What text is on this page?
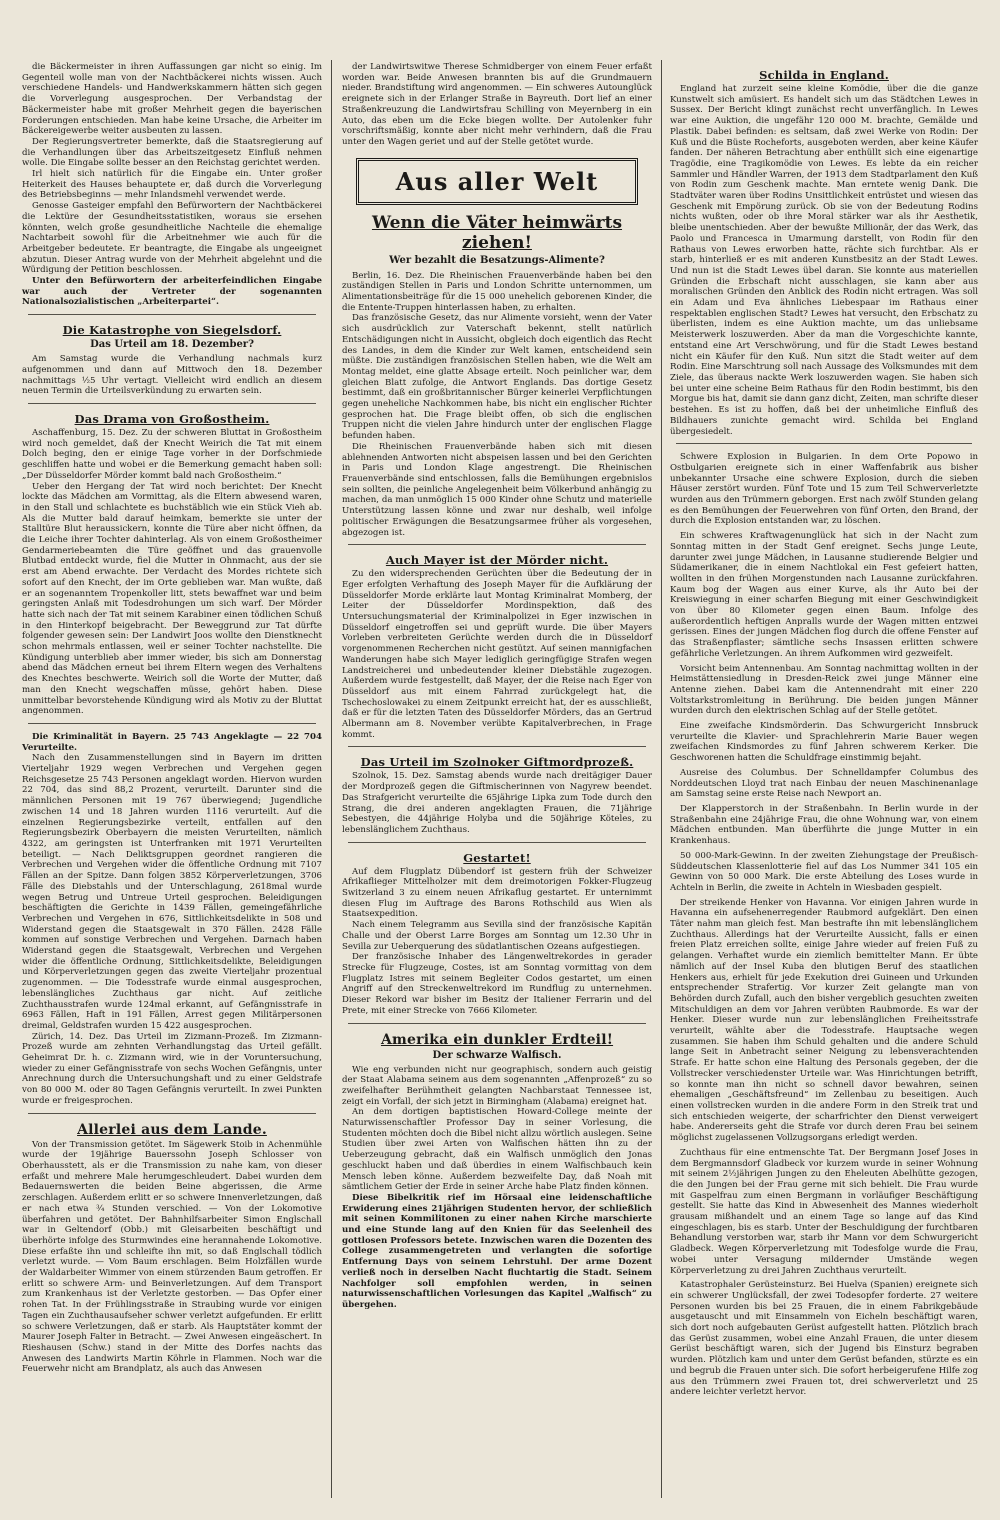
die Bäckermeister in ihren Auffassungen gar nicht so einig. Im Gegenteil wolle man von der Nachtbäckerei nichts wissen. Auch verschiedene Handels- und Handwerkskammern hätten sich gegen die Vorverlegung ausgesprochen. Der Verbandstag der Bäckermeister habe mit großer Mehrheit gegen die bayerischen Forderungen entschieden. Man habe keine Ursache, die Arbeiter im Bäckereigewerbe weiter ausbeuten zu lassen.

Der Regierungsvertreter bemerkte, daß die Staatsregierung auf die Verhandlungen über das Arbeitszeitgesetz Einfluß nehmen wolle. Die Eingabe sollte besser an den Reichstag gerichtet werden.

Irl hielt sich natürlich für die Eingabe ein. Unter großer Heiterkeit des Hauses behauptete er, daß durch die Vorverlegung des Betriebsbeginns — mehr Inlandsmehl verwendet werde.

Genosse Gasteiger empfahl den Befürwortern der Nachtbäckerei die Lektüre der Gesundheitsstatistiken, woraus sie ersehen könnten, welch große gesundheitliche Nachteile die ehemalige Nachtarbeit sowohl für die Arbeitnehmer wie auch für die Arbeitgeber bedeutete. Er beantragte, die Eingabe als ungeeignet abzutun. Dieser Antrag wurde von der Mehrheit abgelehnt und die Würdigung der Petition beschlossen.

Unter den Befürwortern der arbeiterfeindlichen Eingabe war auch der Vertreter der sogenannten Nationalsozialistischen „Arbeiterpartei“.

Die Katastrophe von Siegelsdorf.
Das Urteil am 18. Dezember?

Am Samstag wurde die Verhandlung nachmals kurz aufgenommen und dann auf Mittwoch den 18. Dezember nachmittags ½5 Uhr vertagt. Vielleicht wird endlich an diesem neuen Termin die Urteilsverkündung zu erwarten sein.

Das Drama von Großostheim.

Aschaffenburg, 15. Dez. Zu der schweren Bluttat in Großostheim wird noch gemeldet, daß der Knecht Weirich die Tat mit einem Dolch beging, den er einige Tage vorher in der Dorfschmiede geschliffen hatte und wobei er die Bemerkung gemacht haben soll: „Der Düsseldorfer Mörder kommt bald nach Großostheim.“

Ueber den Hergang der Tat wird noch berichtet: Der Knecht lockte das Mädchen am Vormittag, als die Eltern abwesend waren, in den Stall und schlachtete es buchstäblich wie ein Stück Vieh ab. Als die Mutter bald darauf heimkam, bemerkte sie unter der Stalltüre Blut heraussickern, konnte die Türe aber nicht öffnen, da die Leiche ihrer Tochter dahinterlag. Als von einem Großostheimer Gendarmeriebeamten die Türe geöffnet und das grauenvolle Blutbad entdeckt wurde, fiel die Mutter in Ohnmacht, aus der sie erst am Abend erwachte. Der Verdacht des Mordes richtete sich sofort auf den Knecht, der im Orte geblieben war. Man wußte, daß er an sogenanntem Tropenkoller litt, stets bewaffnet war und beim geringsten Anlaß mit Todesdrohungen um sich warf. Der Mörder hatte sich nach der Tat mit seinem Karabiner einen tödlichen Schuß in den Hinterkopf beigebracht. Der Beweggrund zur Tat dürfte folgender gewesen sein: Der Landwirt Joos wollte den Dienstknecht schon mehrmals entlassen, weil er seiner Tochter nachstellte. Die Kündigung unterblieb aber immer wieder, bis sich am Donnerstag abend das Mädchen erneut bei ihrem Eltern wegen des Verhaltens des Knechtes beschwerte. Weirich soll die Worte der Mutter, daß man den Knecht wegschaffen müsse, gehört haben. Diese unmittelbar bevorstehende Kündigung wird als Motiv zu der Bluttat angenommen.

Die Kriminalität in Bayern. 25 743 Angeklagte — 22 704 Verurteilte.

Nach den Zusammenstellungen sind in Bayern im dritten Vierteljahr 1929 wegen Verbrechen und Vergehen gegen Reichsgesetze 25 743 Personen angeklagt worden. Hiervon wurden 22 704, das sind 88,2 Prozent, verurteilt. Darunter sind die männlichen Personen mit 19 767 überwiegend; Jugendliche zwischen 14 und 18 Jahren wurden 1116 verurteilt. Auf die einzelnen Regierungsbezirke verteilt, entfallen auf den Regierungsbezirk Oberbayern die meisten Verurteilten, nämlich 4322, am geringsten ist Unterfranken mit 1971 Verurteilten beteiligt. — Nach Deliktsgruppen geordnet rangieren die Verbrechen und Vergehen wider die öffentliche Ordnung mit 7107 Fällen an der Spitze. Dann folgen 3852 Körperverletzungen, 3706 Fälle des Diebstahls und der Unterschlagung, 2618mal wurde wegen Betrug und Untreue Urteil gesprochen. Beleidigungen beschäftigten die Gerichte in 1439 Fällen, gemeingefährliche Verbrechen und Vergehen in 676, Sittlichkeitsdelikte in 508 und Widerstand gegen die Staatsgewalt in 370 Fällen. 2428 Fälle kommen auf sonstige Verbrechen und Vergehen. Darnach haben Widerstand gegen die Staatsgewalt, Verbrechen und Vergehen wider die öffentliche Ordnung, Sittlichkeitsdelikte, Beleidigungen und Körperverletzungen gegen das zweite Vierteljahr prozentual zugenommen. — Die Todesstrafe wurde einmal ausgesprochen, lebenslängliches Zuchthaus gar nicht. Auf zeitliche Zuchthausstrafen wurde 124mal erkannt, auf Gefängnisstrafe in 6963 Fällen, Haft in 191 Fällen, Arrest gegen Militärpersonen dreimal, Geldstrafen wurden 15 422 ausgesprochen.

Zürich, 14. Dez. Das Urteil im Zizmann-Prozeß. Im Zizmann-Prozeß wurde am zehnten Verhandlungstag das Urteil gefällt. Geheimrat Dr. h. c. Zizmann wird, wie in der Voruntersuchung, wieder zu einer Gefängnisstrafe von sechs Wochen Gefängnis, unter Anrechnung durch die Untersuchungshaft und zu einer Geldstrafe von 80 000 M. oder 80 Tagen Gefängnis verurteilt. In zwei Punkten wurde er freigesprochen.

Allerlei aus dem Lande.

Von der Transmission getötet. Im Sägewerk Stoib in Achenmühle wurde der 19jährige Bauerssohn Joseph Schlosser von Oberhausstett, als er die Transmission zu nahe kam, von dieser erfaßt und mehrere Male herumgeschleudert. Dabei wurden dem Bedauernswerten die beiden Beine abgerissen, die Arme zerschlagen. Außerdem erlitt er so schwere Innenverletzungen, daß er nach etwa ¾ Stunden verschied. — Von der Lokomotive überfahren und getötet. Der Bahnhilfsarbeiter Simon Englschall war in Geltendorf (Obb.) mit Gleisarbeiten beschäftigt und überhörte infolge des Sturmwindes eine herannahende Lokomotive. Diese erfaßte ihn und schleifte ihn mit, so daß Englschall tödlich verletzt wurde. — Vom Baum erschlagen. Beim Holzfällen wurde der Waldarbeiter Wimmer von einem stürzenden Baum getroffen. Er erlitt so schwere Arm- und Beinverletzungen. Auf dem Transport zum Krankenhaus ist der Verletzte gestorben. — Das Opfer einer rohen Tat. In der Frühlingsstraße in Straubing wurde vor einigen Tagen ein Zuchthausaufseher schwer verletzt aufgefunden. Er erlitt so schwere Verletzungen, daß er starb. Als Hauptstäter kommt der Maurer Joseph Falter in Betracht. — Zwei Anwesen eingeäschert. In Rieshausen (Schw.) stand in der Mitte des Dorfes nachts das Anwesen des Landwirts Martin Köhrle in Flammen. Noch war die Feuerwehr nicht am Brandplatz, als auch das Anwesen

der Landwirtswitwe Therese Schmidberger von einem Feuer erfaßt worden war. Beide Anwesen brannten bis auf die Grundmauern nieder. Brandstiftung wird angenommen. — Ein schweres Autounglück ereignete sich in der Erlanger Straße in Bayreuth. Dort lief an einer Straßenkreuzung die Landwirtsfrau Schilling von Meyernberg in ein Auto, das eben um die Ecke biegen wollte. Der Autolenker fuhr vorschriftsmäßig, konnte aber nicht mehr verhindern, daß die Frau unter den Wagen geriet und auf der Stelle getötet wurde.

Aus aller Welt
Wenn die Väter heimwärts ziehen!
Wer bezahlt die Besatzungs-Alimente?

Berlin, 16. Dez. Die Rheinischen Frauenverbände haben bei den zuständigen Stellen in Paris und London Schritte unternommen, um Alimentationsbeiträge für die 15 000 unehelich geborenen Kinder, die die Entente-Truppen hinterlassen haben, zu erhalten.

Das französische Gesetz, das nur Alimente vorsieht, wenn der Vater sich ausdrücklich zur Vaterschaft bekennt, stellt natürlich Entschädigungen nicht in Aussicht, obgleich doch eigentlich das Recht des Landes, in dem die Kinder zur Welt kamen, entscheidend sein müßte. Die zuständigen französischen Stellen haben, wie die Welt am Montag meldet, eine glatte Absage erteilt. Noch peinlicher war, dem gleichen Blatt zufolge, die Antwort Englands. Das dortige Gesetz bestimmt, daß ein großbritannischer Bürger keinerlei Verpflichtungen gegen uneheliche Nachkommen habe, bis nicht ein englischer Richter gesprochen hat. Die Frage bleibt offen, ob sich die englischen Truppen nicht die vielen Jahre hindurch unter der englischen Flagge befunden haben.

Die Rheinischen Frauenverbände haben sich mit diesen ablehnenden Antworten nicht abspeisen lassen und bei den Gerichten in Paris und London Klage angestrengt. Die Rheinischen Frauenverbände sind entschlossen, falls die Bemühungen ergebnislos sein sollten, die peinliche Angelegenheit beim Völkerbund anhängig zu machen, da man unmöglich 15 000 Kinder ohne Schutz und materielle Unterstützung lassen könne und zwar nur deshalb, weil infolge politischer Erwägungen die Besatzungsarmee früher als vorgesehen, abgezogen ist.

Auch Mayer ist der Mörder nicht.

Zu den widersprechenden Gerüchten über die Bedeutung der in Eger erfolgten Verhaftung des Joseph Mayer für die Aufklärung der Düsseldorfer Morde erklärte laut Montag Kriminalrat Momberg, der Leiter der Düsseldorfer Mordinspektion, daß des Untersuchungsmaterial der Kriminalpolizei in Eger inzwischen in Düsseldorf eingetroffen sei und geprüft wurde. Die über Mayers Vorleben verbreiteten Gerüchte werden durch die in Düsseldorf vorgenommenen Recherchen nicht gestützt. Auf seinen mannigfachen Wanderungen habe sich Mayer lediglich geringfügige Strafen wegen Landstreicherei und unbedeutender kleiner Diebstähle zugezogen. Außerdem wurde festgestellt, daß Mayer, der die Reise nach Eger von Düsseldorf aus mit einem Fahrrad zurückgelegt hat, die Tschechoslowakei zu einem Zeitpunkt erreicht hat, der es ausschließt, daß er für die letzten Taten des Düsseldorfer Mörders, das an Gertrud Albermann am 8. November verübte Kapitalverbrechen, in Frage kommt.

Das Urteil im Szolnoker Giftmordprozeß.

Szolnok, 15. Dez. Samstag abends wurde nach dreitägiger Dauer der Mordprozeß gegen die Giftmischerinnen von Nagyrew beendet. Das Strafgericht verurteilte die 65jährige Lipka zum Tode durch den Strang, die drei anderen angeklagten Frauen, die 71jährige Sebestyen, die 44jährige Holyba und die 50jährige Köteles, zu lebenslänglichem Zuchthaus.

Gestartet!

Auf dem Flugplatz Dübendorf ist gestern früh der Schweizer Afrikaflieger Mittelholzer mit dem dreimotorigen Fokker-Flugzeug Switzerland 3 zu einem neuen Afrikaflug gestartet. Er unternimmt diesen Flug im Auftrage des Barons Rothschild aus Wien als Staatsexpedition.

Nach einem Telegramm aus Sevilla sind der französische Kapitän Challe und der Oberst Larre Borges am Sonntag um 12.30 Uhr in Sevilla zur Ueberquerung des südatlantischen Ozeans aufgestiegen.

Der französische Inhaber des Längenweltrekordes in gerader Strecke für Flugzeuge, Costes, ist am Sonntag vormittag von dem Flugplatz Istres mit seinem Begleiter Codos gestartet, um einen Angriff auf den Streckenweltrekord im Rundflug zu unternehmen. Dieser Rekord war bisher im Besitz der Italiener Ferrarin und del Prete, mit einer Strecke von 7666 Kilometer.

Amerika ein dunkler Erdteil!
Der schwarze Walfisch.

Wie eng verbunden nicht nur geographisch, sondern auch geistig der Staat Alabama seinem aus dem sogenannten „Affenprozeß“ zu so zweifelhafter Berühmtheit gelangten Nachbarstaat Tennessee ist, zeigt ein Vorfall, der sich jetzt in Birmingham (Alabama) ereignet hat.

An dem dortigen baptistischen Howard-College meinte der Naturwissenschaftler Professor Day in seiner Vorlesung, die Studenten möchten doch die Bibel nicht allzu wörtlich auslegen. Seine Studien über zwei Arten von Walfischen hätten ihn zu der Ueberzeugung gebracht, daß ein Walfisch unmöglich den Jonas geschluckt haben und daß überdies in einem Walfischbauch kein Mensch leben könne. Außerdem bezweifelte Day, daß Noah mit sämtlichem Getier der Erde in seiner Arche habe Platz finden können.

Diese Bibelkritik rief im Hörsaal eine leidenschaftliche Erwiderung eines 21jährigen Studenten hervor, der schließlich mit seinen Kommilitonen zu einer nahen Kirche marschierte und eine Stunde lang auf den Knien für das Seelenheil des gottlosen Professors betete. Inzwischen waren die Dozenten des College zusammengetreten und verlangten die sofortige Entfernung Days von seinem Lehrstuhl. Der arme Dozent verließ noch in derselben Nacht fluchtartig die Stadt. Seinem Nachfolger soll empfohlen werden, in seinen naturwissenschaftlichen Vorlesungen das Kapitel „Walfisch“ zu übergehen.

Schilda in England.

England hat zurzeit seine kleine Komödie, über die die ganze Kunstwelt sich amüsiert. Es handelt sich um das Städtchen Lewes in Sussex. Der Bericht klingt zunächst recht unverfänglich. In Lewes war eine Auktion, die ungefähr 120 000 M. brachte, Gemälde und Plastik. Dabei befinden: es seltsam, daß zwei Werke von Rodin: Der Kuß und die Büste Rocheforts, ausgeboten werden, aber keine Käufer fanden. Der näheren Betrachtung aber enthüllt sich eine eigenartige Tragödie, eine Tragikomödie von Lewes. Es lebte da ein reicher Sammler und Händler Warren, der 1913 dem Stadtparlament den Kuß von Rodin zum Geschenk machte. Man erntete wenig Dank. Die Stadtväter waren über Rodins Unsittlichkeit entrüstet und wiesen das Geschenk mit Empörung zurück. Ob sie von der Bedeutung Rodins nichts wußten, oder ob ihre Moral stärker war als ihr Aesthetik, bleibe unentschieden. Aber der bewußte Millionär, der das Werk, das Paolo und Francesca in Umarmung darstellt, von Rodin für den Rathaus von Lewes erworben hatte, rächte sich furchtbar. Als er starb, hinterließ er es mit anderen Kunstbesitz an der Stadt Lewes. Und nun ist die Stadt Lewes übel daran. Sie konnte aus materiellen Gründen die Erbschaft nicht ausschlagen, sie kann aber aus moralischen Gründen den Anblick des Rodin nicht ertragen. Was soll ein Adam und Eva ähnliches Liebespaar im Rathaus einer respektablen englischen Stadt? Lewes hat versucht, den Erbschatz zu überlisten, indem es eine Auktion machte, um das unliebsame Meisterwerk loszuwerden. Aber da man die Vorgeschichte kannte, entstand eine Art Verschwörung, und für die Stadt Lewes bestand nicht ein Käufer für den Kuß. Nun sitzt die Stadt weiter auf dem Rodin. Eine Marschtrung soll nach Aussage des Volksmundes mit dem Ziele, das überaus nackte Werk loszuwerden wagen. Sie haben sich bei unter eine scheine Beim Rathaus für den Rodin bestimmt, bis den Morgue bis hat, damit sie dann ganz dicht, Zeiten, man schrifte dieser bestehen. Es ist zu hoffen, daß bei der unheimliche Einfluß des Bildhauers zunichte gemacht wird. Schilda bei England übergesiedelt.

Schwere Explosion in Bulgarien. In dem Orte Popowo in Ostbulgarien ereignete sich in einer Waffenfabrik aus bisher unbekannter Ursache eine schwere Explosion, durch die sieben Häuser zerstört wurden. Fünf Tote und 15 zum Teil Schwerverletzte wurden aus den Trümmern geborgen. Erst nach zwölf Stunden gelang es den Bemühungen der Feuerwehren von fünf Orten, den Brand, der durch die Explosion entstanden war, zu löschen.

Ein schweres Kraftwagenunglück hat sich in der Nacht zum Sonntag mitten in der Stadt Genf ereignet. Sechs junge Leute, darunter zwei junge Mädchen, in Lausanne studierende Belgier und Südamerikaner, die in einem Nachtlokal ein Fest gefeiert hatten, wollten in den frühen Morgenstunden nach Lausanne zurückfahren. Kaum bog der Wagen aus einer Kurve, als ihr Auto bei der Kreiswiegung in einer scharfen Biegung mit einer Geschwindigkeit von über 80 Kilometer gegen einen Baum. Infolge des außerordentlich heftigen Anpralls wurde der Wagen mitten entzwei gerissen. Eines der jungen Mädchen flog durch die offene Fenster auf das Straßenpflaster; sämtliche sechs Insassen erlitten schwere gefährliche Verletzungen. An ihrem Aufkommen wird gezweifelt.

Vorsicht beim Antennenbau. Am Sonntag nachmittag wollten in der Heimstättensiedlung in Dresden-Reick zwei junge Männer eine Antenne ziehen. Dabei kam die Antennendraht mit einer 220 Voltstarkstromleitung in Berührung. Die beiden jungen Männer wurden durch den elektrischen Schlag auf der Stelle getötet.

Eine zweifache Kindsmörderin. Das Schwurgericht Innsbruck verurteilte die Klavier- und Sprachlehrerin Marie Bauer wegen zweifachen Kindsmordes zu fünf Jahren schwerem Kerker. Die Geschworenen hatten die Schuldfrage einstimmig bejaht.

Ausreise des Columbus. Der Schnelldampfer Columbus des Norddeutschen Lloyd trat nach Einbau der neuen Maschinenanlage am Samstag seine erste Reise nach Newport an.

Der Klapperstorch in der Straßenbahn. In Berlin wurde in der Straßenbahn eine 24jährige Frau, die ohne Wohnung war, von einem Mädchen entbunden. Man überführte die junge Mutter in ein Krankenhaus.

50 000-Mark-Gewinn. In der zweiten Ziehungstage der Preußisch-Süddeutschen Klassenlotterie fiel auf das Los Nummer 341 105 ein Gewinn von 50 000 Mark. Die erste Abteilung des Loses wurde in Achteln in Berlin, die zweite in Achteln in Wiesbaden gespielt.

Der streikende Henker von Havanna. Vor einigen Jahren wurde in Havanna ein aufsehenerregender Raubmord aufgeklärt. Den einen Täter nahm man gleich fest. Man bestrafte ihn mit lebenslänglichem Zuchthaus. Allerdings hat der Verurteilte Aussicht, falls er einen freien Platz erreichen sollte, einige Jahre wieder auf freien Fuß zu gelangen. Verhaftet wurde ein ziemlich bemittelter Mann. Er übte nämlich auf der Insel Kuba den blutigen Beruf des staatlichen Henkers aus, erhielt für jede Exekution drei Guineen und Urkunden entsprechender Strafertig. Vor kurzer Zeit gelangte man von Behörden durch Zufall, auch den bisher vergeblich gesuchten zweiten Mitschuldigen an dem vor Jahren verübten Raubmorde. Es war der Henker. Dieser wurde nun zur lebenslänglichen Freiheitsstrafe verurteilt, wählte aber die Todesstrafe. Hauptsache wegen zusammen. Sie haben ihm Schuld gehalten und die andere Schuld lange Seit in Anbetracht seiner Neigung zu lebensverachtenden Strafe. Er hatte schon eine Haltung des Personals gegeben, der die Vollstrecker verschiedenster Urteile war. Was Hinrichtungen betrifft, so konnte man ihn nicht so schnell davor bewahren, seinen ehemaligen „Geschäftsfreund“ im Zellenbau zu beseitigen. Auch einen vollstrecken wurden in die andere Form in den Streik trat und sich entschieden weigerte, der scharfrichter den Dienst verweigert habe. Andererseits geht die Strafe vor durch deren Frau bei seinem möglichst zugelassenen Vollzugsorgans erledigt werden.

Zuchthaus für eine entmenschte Tat. Der Bergmann Josef Joses in dem Bergmannsdorf Gladbeck vor kurzem wurde in seiner Wohnung mit seinem 2½jährigen Jungen zu den Eheleuten Abelhütte gezogen, die den Jungen bei der Frau gerne mit sich behielt. Die Frau wurde mit Gaspelfrau zum einen Bergmann in vorläufiger Beschäftigung gestellt. Sie hatte das Kind in Abwesenheit des Mannes wiederholt grausam mißhandelt und an einem Tage so lange auf das Kind eingeschlagen, bis es starb. Unter der Beschuldigung der furchtbaren Behandlung verstorben war, starb ihr Mann vor dem Schwurgericht Gladbeck. Wegen Körperverletzung mit Todesfolge wurde die Frau, wobei unter Versagung mildernder Umstände wegen Körperverletzung zu drei Jahren Zuchthaus verurteilt.

Katastrophaler Gerüsteinsturz. Bei Huelva (Spanien) ereignete sich ein schwerer Unglücksfall, der zwei Todesopfer forderte. 27 weitere Personen wurden bis bei 25 Frauen, die in einem Fabrikgebäude ausgetauscht und mit Einsammeln von Eicheln beschäftigt waren, sich dort noch aufgebauten Gerüst aufgestellt hatten. Plötzlich brach das Gerüst zusammen, wobei eine Anzahl Frauen, die unter diesem Gerüst beschäftigt waren, sich der Jugend bis Einsturz begraben wurden. Plötzlich kam und unter dem Gerüst befanden, stürzte es ein und begrub die Frauen unter sich. Die sofort herbeigerufene Hilfe zog aus den Trümmern zwei Frauen tot, drei schwerverletzt und 25 andere leichter verletzt hervor.
